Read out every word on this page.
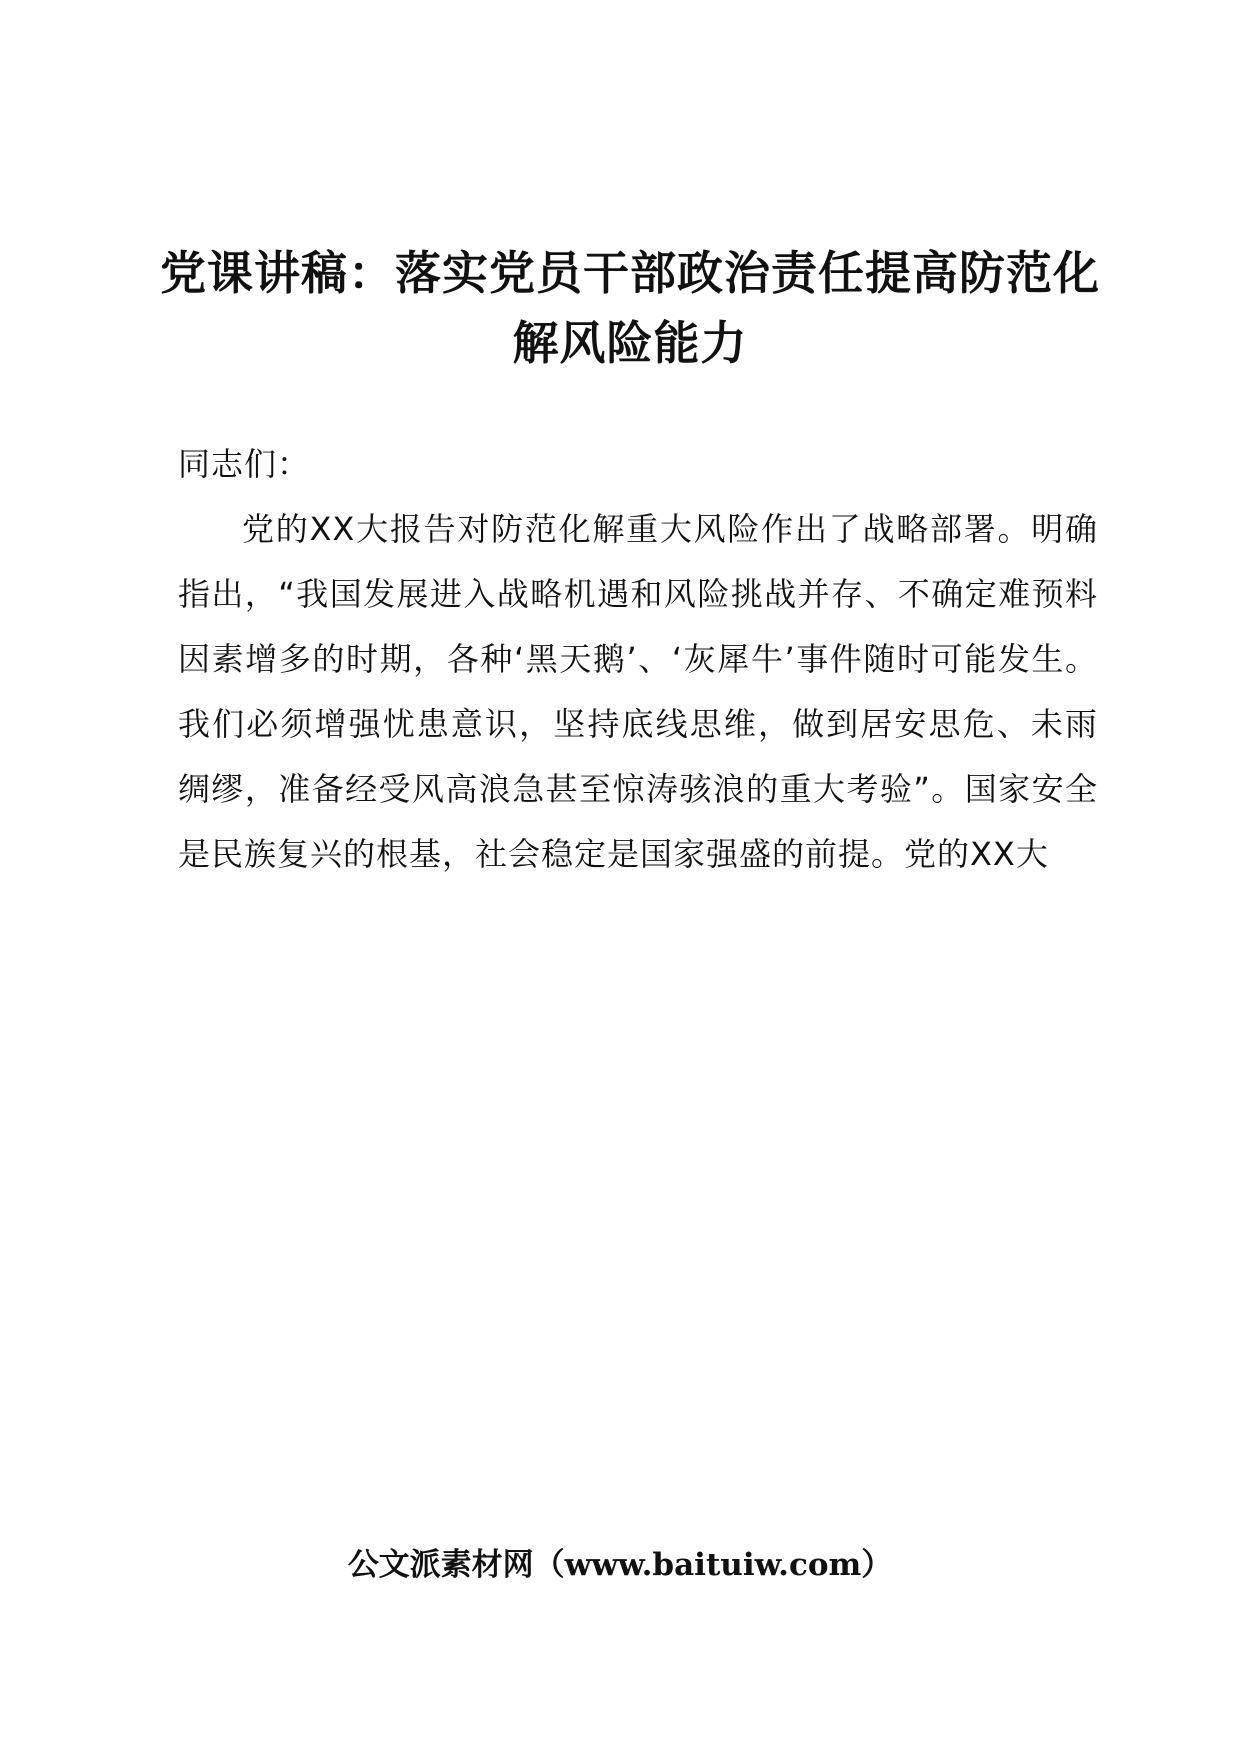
党课讲稿：落实党员干部政治责任提高防范化解风险能力

同志们：

党的XX大报告对防范化解重大风险作出了战略部署。明确指出，“我国发展进入战略机遇和风险挑战并存、不确定难预料因素增多的时期，各种‘黑天鹅’、‘灰犀牛’事件随时可能发生。我们必须增强忧患意识，坚持底线思维，做到居安思危、未雨绸缪，准备经受风高浪急甚至惊涛骇浪的重大考验”。国家安全是民族复兴的根基，社会稳定是国家强盛的前提。党的XX大

公文派素材网（www.baituiw.com）
